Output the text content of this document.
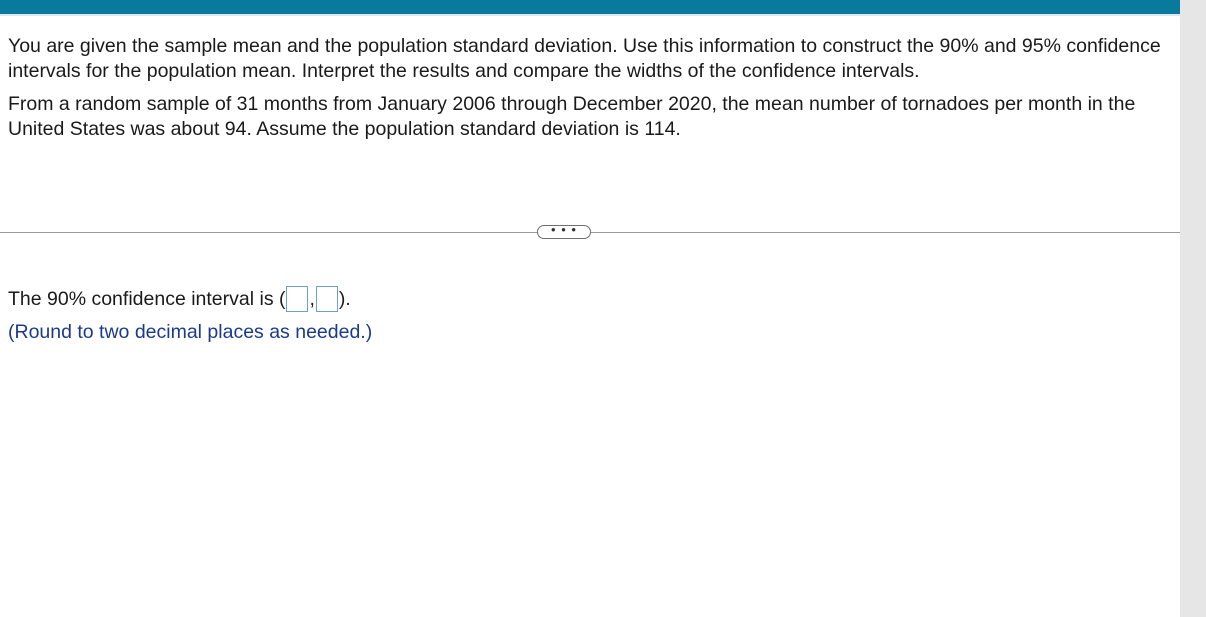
You are given the sample mean and the population standard deviation. Use this information to construct the 90% and 95% confidence intervals for the population mean. Interpret the results and compare the widths of the confidence intervals.

From a random sample of 31 months from January 2006 through December 2020, the mean number of tornadoes per month in the United States was about 94. Assume the population standard deviation is 114.

• • •
The 90% confidence interval is ( , ).
(Round to two decimal places as needed.)
